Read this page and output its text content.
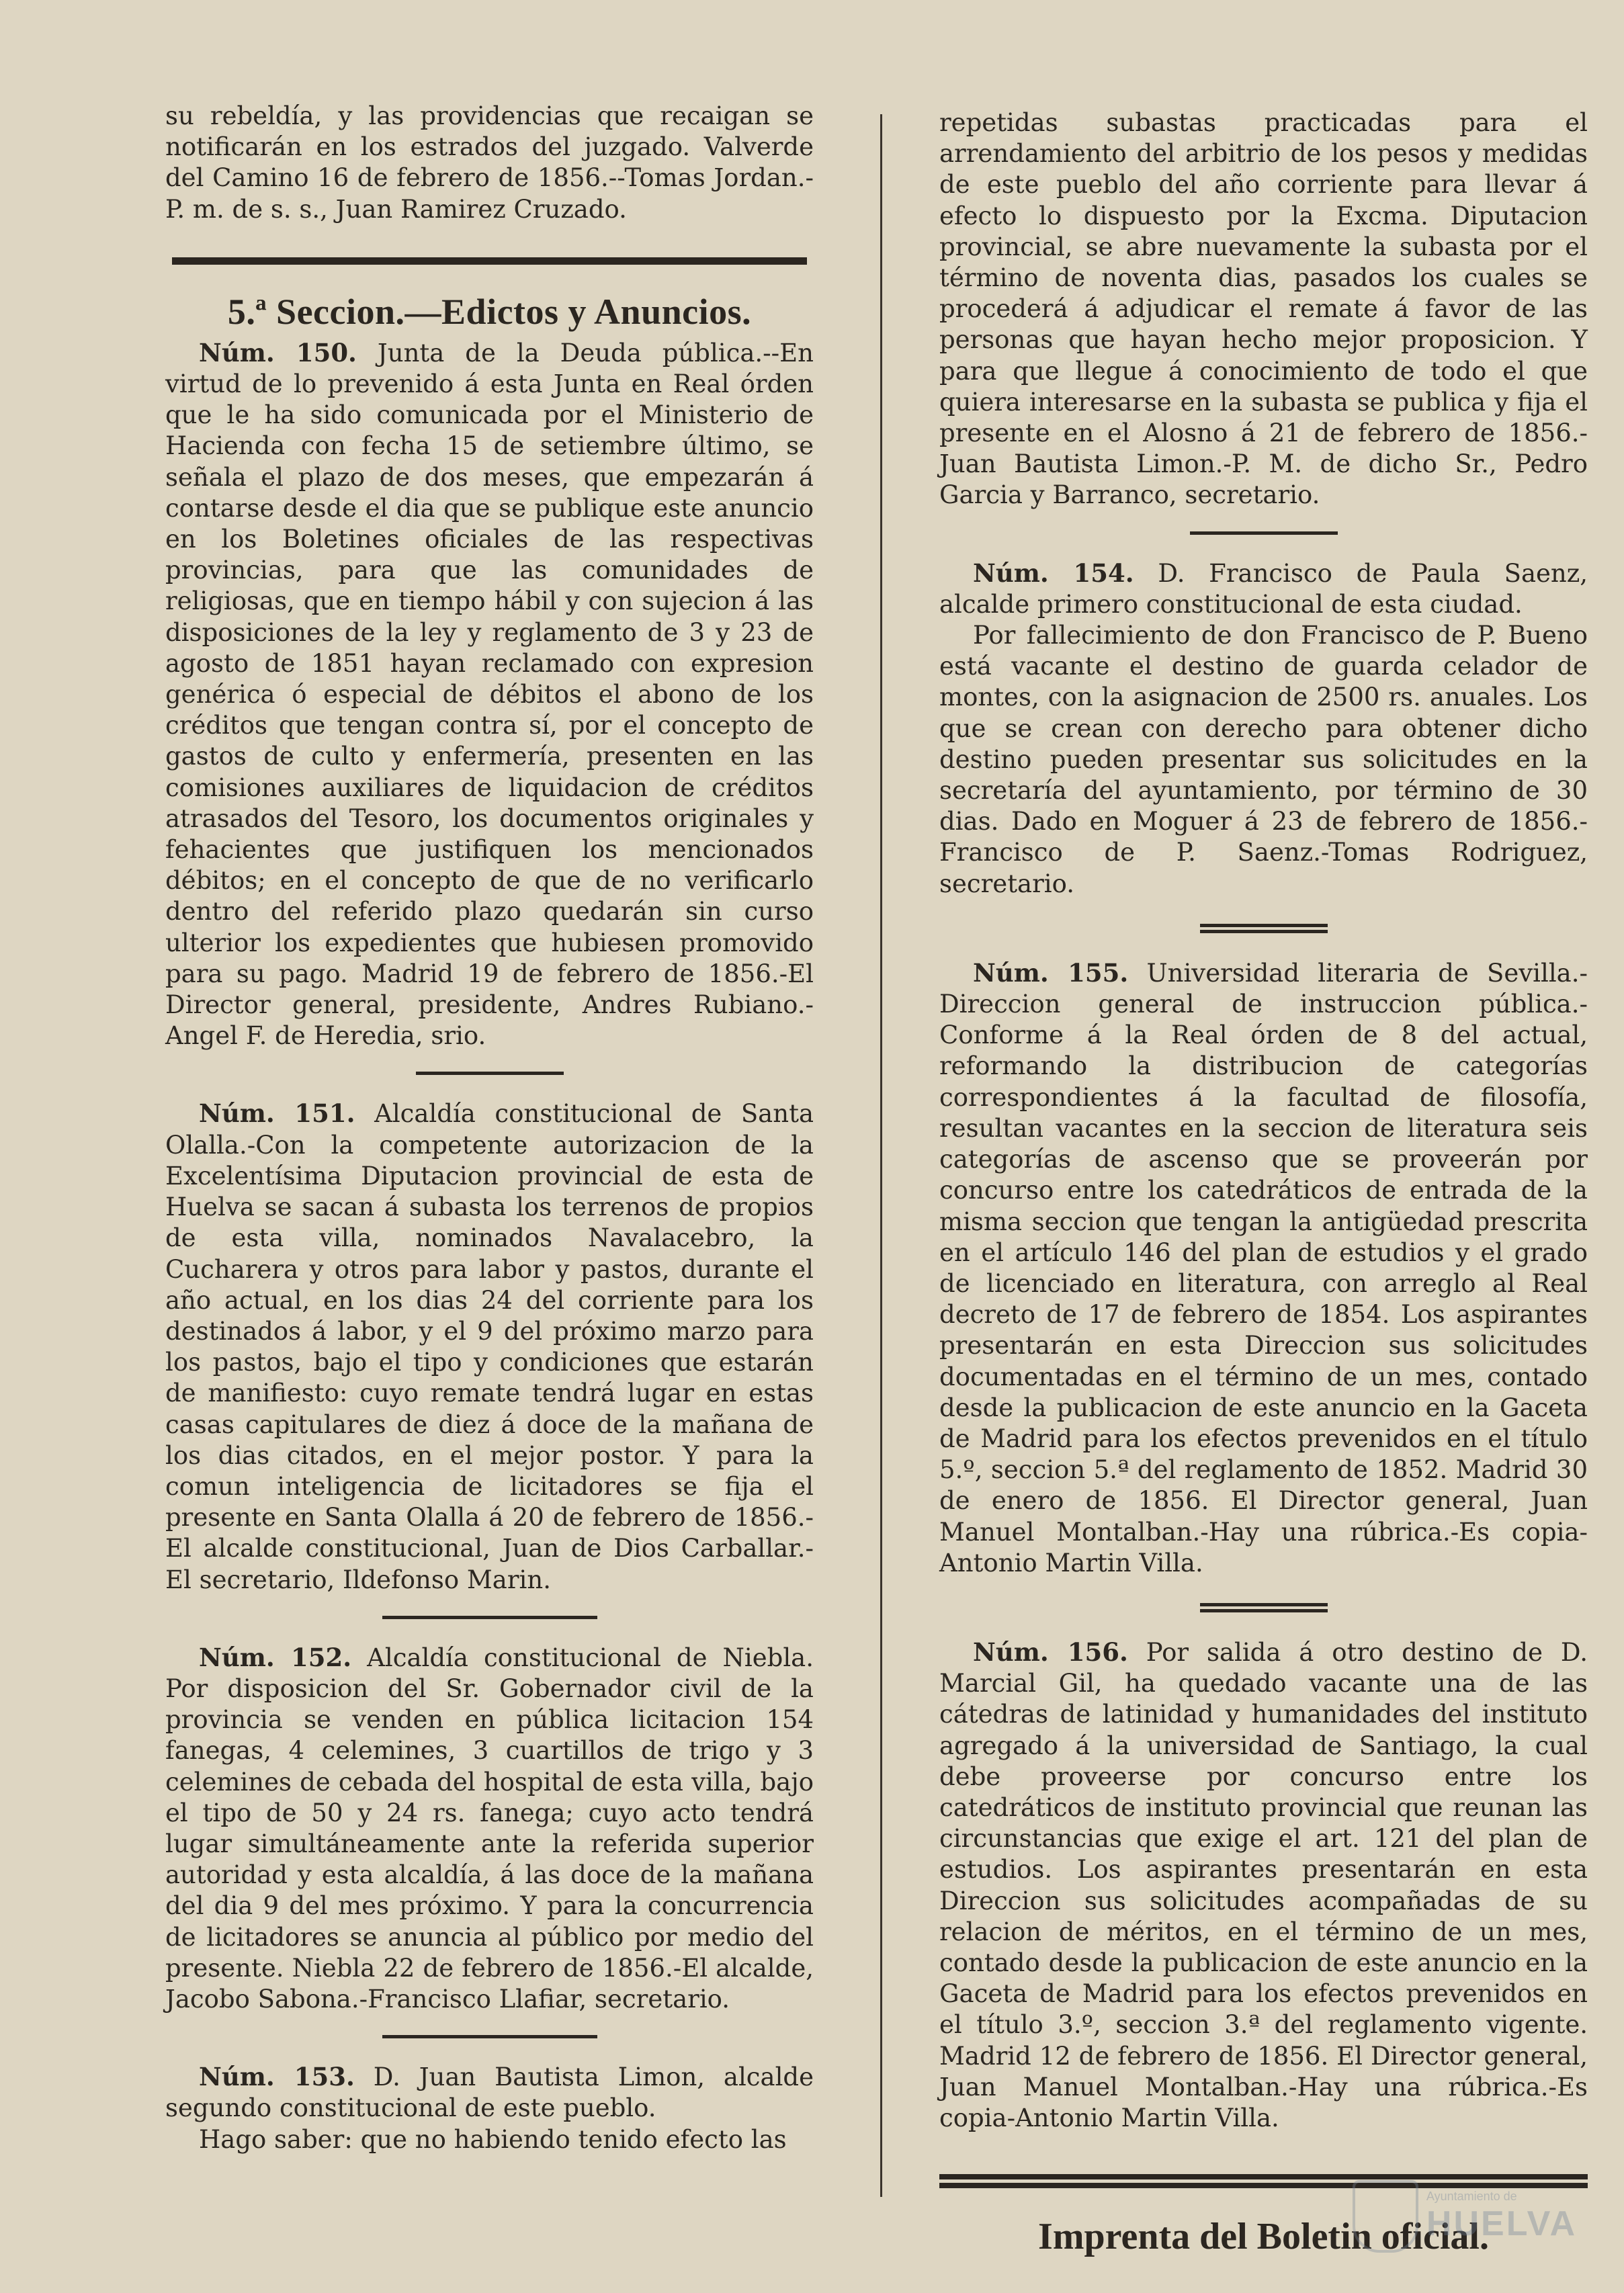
su rebeldía, y las providencias que recaigan se notificarán en los estrados del juzgado. Valverde del Camino 16 de febrero de 1856.--Tomas Jordan.-P. m. de s. s., Juan Ramirez Cruzado.

5.ª Seccion.—Edictos y Anuncios.

Núm. 150. Junta de la Deuda pública.--En virtud de lo prevenido á esta Junta en Real órden que le ha sido comunicada por el Ministerio de Hacienda con fecha 15 de setiembre último, se señala el plazo de dos meses, que empezarán á contarse desde el dia que se publique este anuncio en los Boletines oficiales de las respectivas provincias, para que las comunidades de religiosas, que en tiempo hábil y con sujecion á las disposiciones de la ley y reglamento de 3 y 23 de agosto de 1851 hayan reclamado con expresion genérica ó especial de débitos el abono de los créditos que tengan contra sí, por el concepto de gastos de culto y enfermería, presenten en las comisiones auxiliares de liquidacion de créditos atrasados del Tesoro, los documentos originales y fehacientes que justifiquen los mencionados débitos; en el concepto de que de no verificarlo dentro del referido plazo quedarán sin curso ulterior los expedientes que hubiesen promovido para su pago. Madrid 19 de febrero de 1856.-El Director general, presidente, Andres Rubiano.-Angel F. de Heredia, srio.

Núm. 151. Alcaldía constitucional de Santa Olalla.-Con la competente autorizacion de la Excelentísima Diputacion provincial de esta de Huelva se sacan á subasta los terrenos de propios de esta villa, nominados Navalacebro, la Cucharera y otros para labor y pastos, durante el año actual, en los dias 24 del corriente para los destinados á labor, y el 9 del próximo marzo para los pastos, bajo el tipo y condiciones que estarán de manifiesto: cuyo remate tendrá lugar en estas casas capitulares de diez á doce de la mañana de los dias citados, en el mejor postor. Y para la comun inteligencia de licitadores se fija el presente en Santa Olalla á 20 de febrero de 1856.-El alcalde constitucional, Juan de Dios Carballar.-El secretario, Ildefonso Marin.

Núm. 152. Alcaldía constitucional de Niebla. Por disposicion del Sr. Gobernador civil de la provincia se venden en pública licitacion 154 fanegas, 4 celemines, 3 cuartillos de trigo y 3 celemines de cebada del hospital de esta villa, bajo el tipo de 50 y 24 rs. fanega; cuyo acto tendrá lugar simultáneamente ante la referida superior autoridad y esta alcaldía, á las doce de la mañana del dia 9 del mes próximo. Y para la concurrencia de licitadores se anuncia al público por medio del presente. Niebla 22 de febrero de 1856.-El alcalde, Jacobo Sabona.-Francisco Llafiar, secretario.

Núm. 153. D. Juan Bautista Limon, alcalde segundo constitucional de este pueblo.

Hago saber: que no habiendo tenido efecto las

repetidas subastas practicadas para el arrendamiento del arbitrio de los pesos y medidas de este pueblo del año corriente para llevar á efecto lo dispuesto por la Excma. Diputacion provincial, se abre nuevamente la subasta por el término de noventa dias, pasados los cuales se procederá á adjudicar el remate á favor de las personas que hayan hecho mejor proposicion. Y para que llegue á conocimiento de todo el que quiera interesarse en la subasta se publica y fija el presente en el Alosno á 21 de febrero de 1856.-Juan Bautista Limon.-P. M. de dicho Sr., Pedro Garcia y Barranco, secretario.

Núm. 154. D. Francisco de Paula Saenz, alcalde primero constitucional de esta ciudad.

Por fallecimiento de don Francisco de P. Bueno está vacante el destino de guarda celador de montes, con la asignacion de 2500 rs. anuales. Los que se crean con derecho para obtener dicho destino pueden presentar sus solicitudes en la secretaría del ayuntamiento, por término de 30 dias. Dado en Moguer á 23 de febrero de 1856.-Francisco de P. Saenz.-Tomas Rodriguez, secretario.

Núm. 155. Universidad literaria de Sevilla.-Direccion general de instruccion pública.-Conforme á la Real órden de 8 del actual, reformando la distribucion de categorías correspondientes á la facultad de filosofía, resultan vacantes en la seccion de literatura seis categorías de ascenso que se proveerán por concurso entre los catedráticos de entrada de la misma seccion que tengan la antigüedad prescrita en el artículo 146 del plan de estudios y el grado de licenciado en literatura, con arreglo al Real decreto de 17 de febrero de 1854. Los aspirantes presentarán en esta Direccion sus solicitudes documentadas en el término de un mes, contado desde la publicacion de este anuncio en la Gaceta de Madrid para los efectos prevenidos en el título 5.º, seccion 5.ª del reglamento de 1852. Madrid 30 de enero de 1856. El Director general, Juan Manuel Montalban.-Hay una rúbrica.-Es copia-Antonio Martin Villa.

Núm. 156. Por salida á otro destino de D. Marcial Gil, ha quedado vacante una de las cátedras de latinidad y humanidades del instituto agregado á la universidad de Santiago, la cual debe proveerse por concurso entre los catedráticos de instituto provincial que reunan las circunstancias que exige el art. 121 del plan de estudios. Los aspirantes presentarán en esta Direccion sus solicitudes acompañadas de su relacion de méritos, en el término de un mes, contado desde la publicacion de este anuncio en la Gaceta de Madrid para los efectos prevenidos en el título 3.º, seccion 3.ª del reglamento vigente. Madrid 12 de febrero de 1856. El Director general, Juan Manuel Montalban.-Hay una rúbrica.-Es copia-Antonio Martin Villa.

Imprenta del Boletin oficial.
Ayuntamiento de
HUELVA
